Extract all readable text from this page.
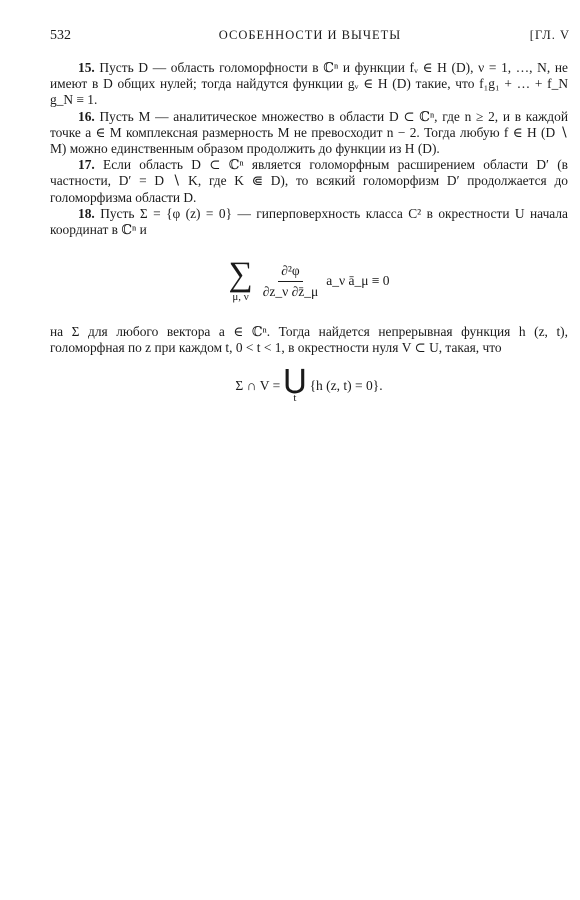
532	ОСОБЕННОСТИ И ВЫЧЕТЫ	[ГЛ. V

15. Пусть D — область голоморфности в ℂⁿ и функции fᵥ ∈ H (D), ν = 1, …, N, не имеют в D общих нулей; тогда найдутся функции gᵥ ∈ H (D) такие, что f₁g₁ + … + f_N g_N ≡ 1.

16. Пусть M — аналитическое множество в области D ⊂ ℂⁿ, где n ≥ 2, и в каждой точке a ∈ M комплексная размерность M не превосходит n − 2. Тогда любую f ∈ H (D ∖ M) можно единственным образом продолжить до функции из H (D).

17. Если область D ⊂ ℂⁿ является голоморфным расширением области D′ (в частности, D′ = D ∖ K, где K ⋐ D), то всякий голоморфизм D′ продолжается до голоморфизма области D.

18. Пусть Σ = {φ (z) = 0} — гиперповерхность класса C² в окрестности U начала координат в ℂⁿ и

∑
μ, ν $\frac{\text{∂²φ}}{\partial z\_\nu \partial z̄\_\mu}$ a_ν ā_μ ≡ 0

на Σ для любого вектора a ∈ ℂⁿ. Тогда найдется непрерывная функция h (z, t), голоморфная по z при каждом t, 0 < t < 1, в окрестности нуля V ⊂ U, такая, что

Σ ∩ V = ⋃
t
{h (z, t) = 0}.
